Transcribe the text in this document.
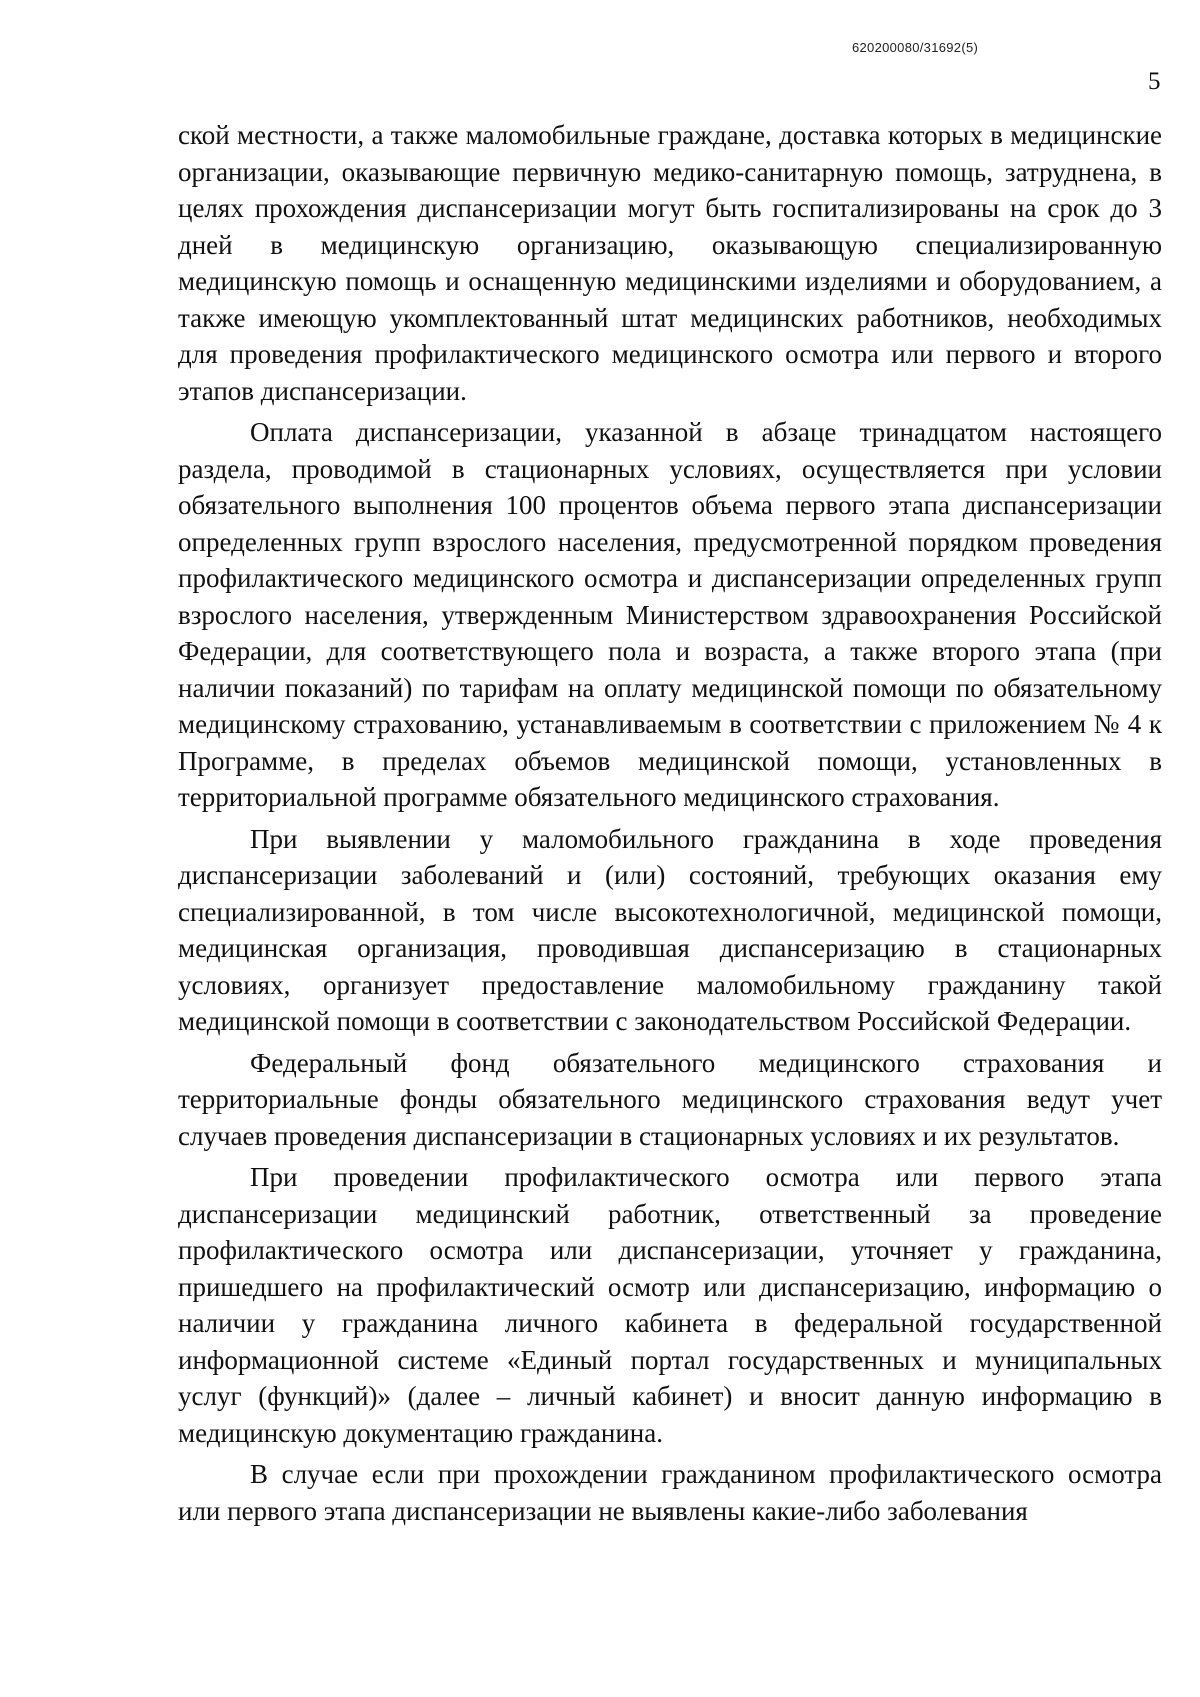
620200080/31692(5)
5

ской местности, а также маломобильные граждане, доставка которых в медицинские организации, оказывающие первичную медико-санитарную помощь, затруднена, в целях прохождения диспансеризации могут быть госпитализированы на срок до 3 дней в медицинскую организацию, оказывающую специализированную медицинскую помощь и оснащенную медицинскими изделиями и оборудованием, а также имеющую укомплектованный штат медицинских работников, необходимых для проведения профилактического медицинского осмотра или первого и второго этапов диспансеризации.

Оплата диспансеризации, указанной в абзаце тринадцатом настоящего раздела, проводимой в стационарных условиях, осуществляется при условии обязательного выполнения 100 процентов объема первого этапа диспансеризации определенных групп взрослого населения, предусмотренной порядком проведения профилактического медицинского осмотра и диспансеризации определенных групп взрослого населения, утвержденным Министерством здравоохранения Российской Федерации, для соответствующего пола и возраста, а также второго этапа (при наличии показаний) по тарифам на оплату медицинской помощи по обязательному медицинскому страхованию, устанавливаемым в соответствии с приложением № 4 к Программе, в пределах объемов медицинской помощи, установленных в территориальной программе обязательного медицинского страхования.

При выявлении у маломобильного гражданина в ходе проведения диспансеризации заболеваний и (или) состояний, требующих оказания ему специализированной, в том числе высокотехнологичной, медицинской помощи, медицинская организация, проводившая диспансеризацию в стационарных условиях, организует предоставление маломобильному гражданину такой медицинской помощи в соответствии с законодательством Российской Федерации.

Федеральный фонд обязательного медицинского страхования и территориальные фонды обязательного медицинского страхования ведут учет случаев проведения диспансеризации в стационарных условиях и их результатов.

При проведении профилактического осмотра или первого этапа диспансеризации медицинский работник, ответственный за проведение профилактического осмотра или диспансеризации, уточняет у гражданина, пришедшего на профилактический осмотр или диспансеризацию, информацию о наличии у гражданина личного кабинета в федеральной государственной информационной системе «Единый портал государственных и муниципальных услуг (функций)» (далее – личный кабинет) и вносит данную информацию в медицинскую документацию гражданина.

В случае если при прохождении гражданином профилактического осмотра или первого этапа диспансеризации не выявлены какие-либо заболевания
